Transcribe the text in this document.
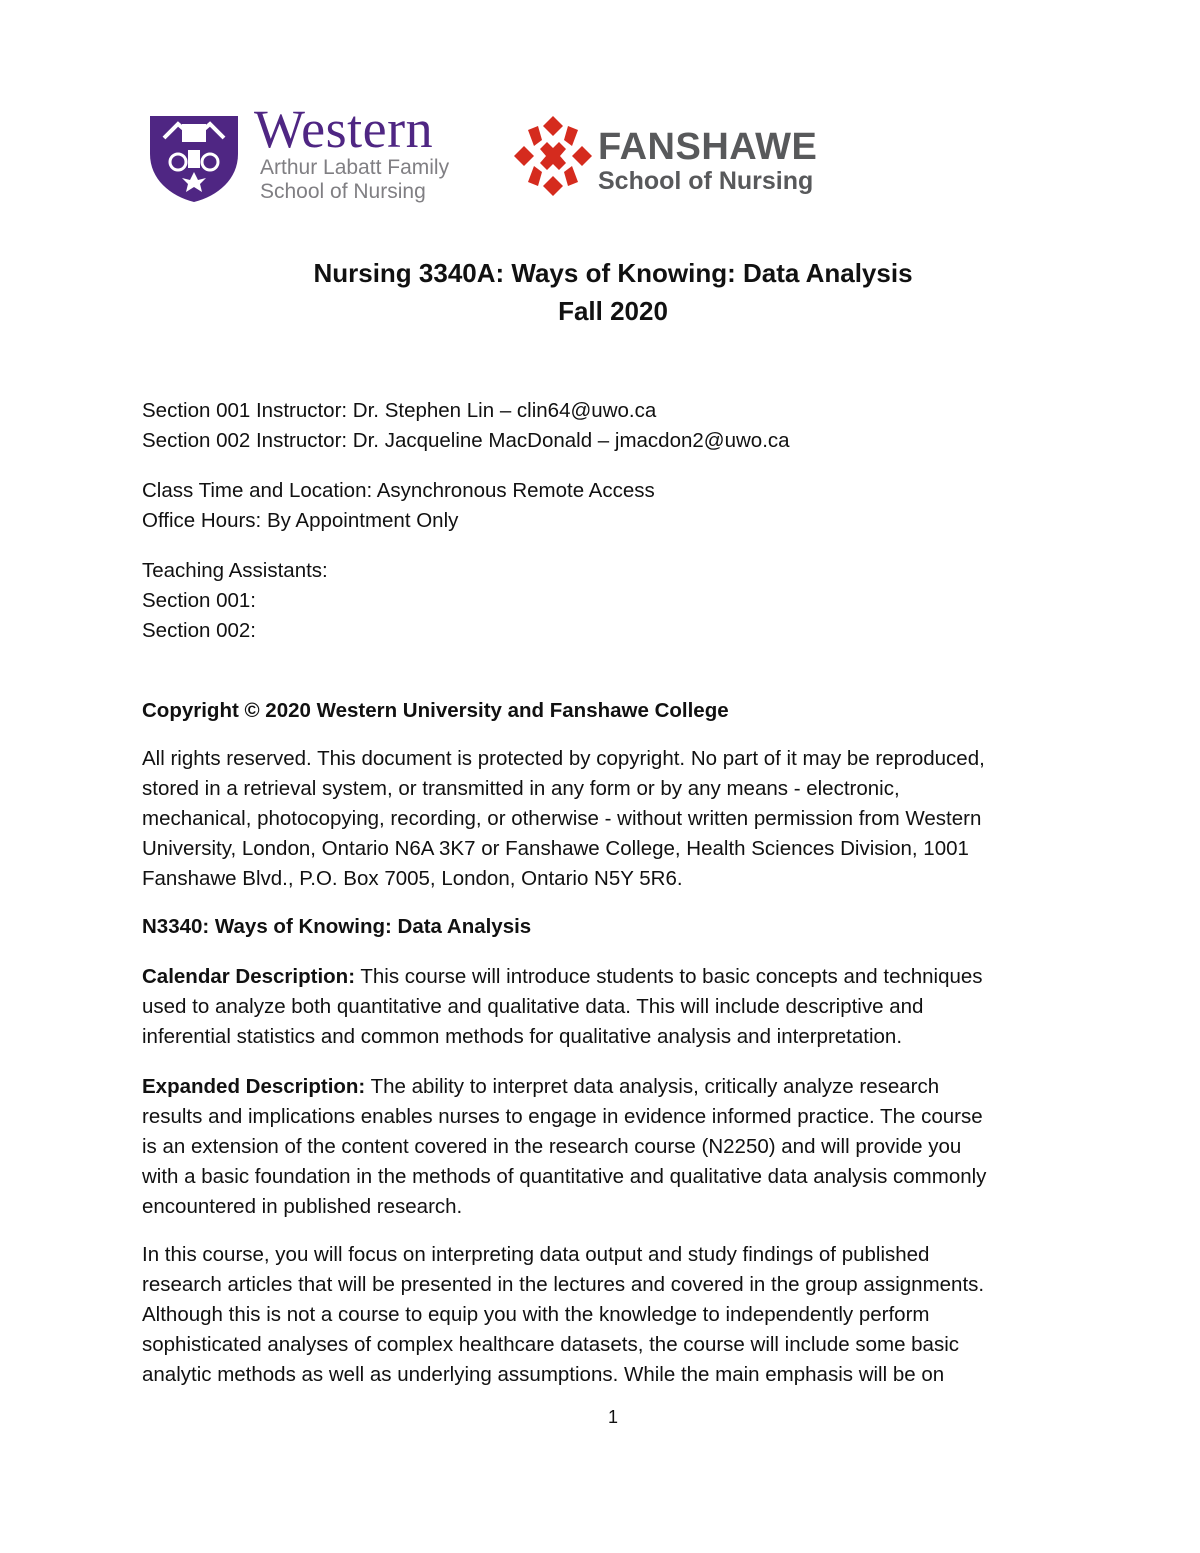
Western
Arthur Labatt Family
School of Nursing
FANSHAWE
School of Nursing
Nursing 3340A: Ways of Knowing: Data Analysis
Fall 2020
Section 001 Instructor: Dr. Stephen Lin – clin64@uwo.ca
Section 002 Instructor: Dr. Jacqueline MacDonald – jmacdon2@uwo.ca
Class Time and Location: Asynchronous Remote Access
Office Hours: By Appointment Only
Teaching Assistants:
Section 001:
Section 002:
Copyright © 2020 Western University and Fanshawe College
All rights reserved. This document is protected by copyright. No part of it may be reproduced,
stored in a retrieval system, or transmitted in any form or by any means - electronic,
mechanical, photocopying, recording, or otherwise - without written permission from Western
University, London, Ontario N6A 3K7 or Fanshawe College, Health Sciences Division, 1001
Fanshawe Blvd., P.O. Box 7005, London, Ontario N5Y 5R6.
N3340: Ways of Knowing: Data Analysis
Calendar Description: This course will introduce students to basic concepts and techniques
used to analyze both quantitative and qualitative data. This will include descriptive and
inferential statistics and common methods for qualitative analysis and interpretation.
Expanded Description: The ability to interpret data analysis, critically analyze research
results and implications enables nurses to engage in evidence informed practice. The course
is an extension of the content covered in the research course (N2250) and will provide you
with a basic foundation in the methods of quantitative and qualitative data analysis commonly
encountered in published research.
In this course, you will focus on interpreting data output and study findings of published
research articles that will be presented in the lectures and covered in the group assignments.
Although this is not a course to equip you with the knowledge to independently perform
sophisticated analyses of complex healthcare datasets, the course will include some basic
analytic methods as well as underlying assumptions. While the main emphasis will be on
1
